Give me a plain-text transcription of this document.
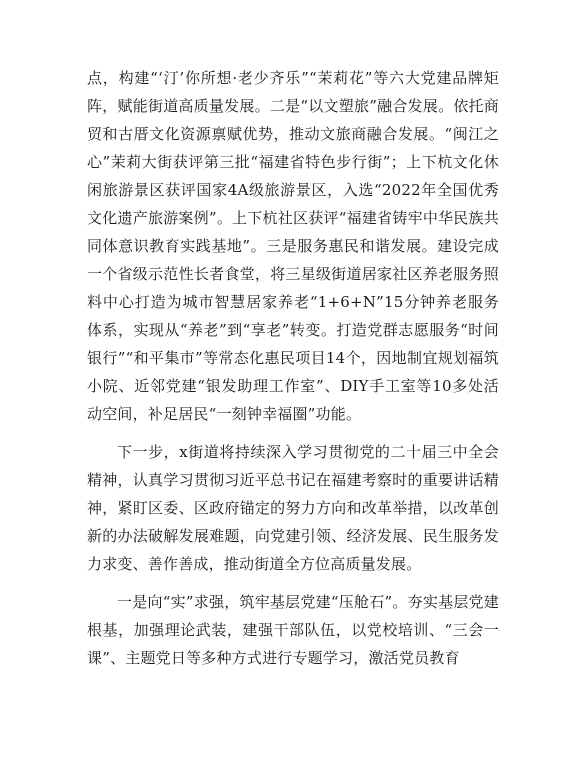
点，构建“‘汀’你所想·老少齐乐”“茉莉花”等六大党建品牌矩阵，赋能街道高质量发展。二是“以文塑旅”融合发展。依托商贸和古厝文化资源禀赋优势，推动文旅商融合发展。“闽江之心”茉莉大街获评第三批“福建省特色步行街”；上下杭文化休闲旅游景区获评国家4A级旅游景区，入选“2022年全国优秀文化遗产旅游案例”。上下杭社区获评“福建省铸牢中华民族共同体意识教育实践基地”。三是服务惠民和谐发展。建设完成一个省级示范性长者食堂，将三星级街道居家社区养老服务照料中心打造为城市智慧居家养老“1+6+N”15分钟养老服务体系，实现从“养老”到“享老”转变。打造党群志愿服务“时间银行”“和平集市”等常态化惠民项目14个，因地制宜规划福筑小院、近邻党建“银发助理工作室”、DIY手工室等10多处活动空间，补足居民“一刻钟幸福圈”功能。

下一步，x街道将持续深入学习贯彻党的二十届三中全会精神，认真学习贯彻习近平总书记在福建考察时的重要讲话精神，紧盯区委、区政府锚定的努力方向和改革举措，以改革创新的办法破解发展难题，向党建引领、经济发展、民生服务发力求变、善作善成，推动街道全方位高质量发展。

一是向“实”求强，筑牢基层党建“压舱石”。夯实基层党建根基，加强理论武装，建强干部队伍，以党校培训、“三会一课”、主题党日等多种方式进行专题学习，激活党员教育
